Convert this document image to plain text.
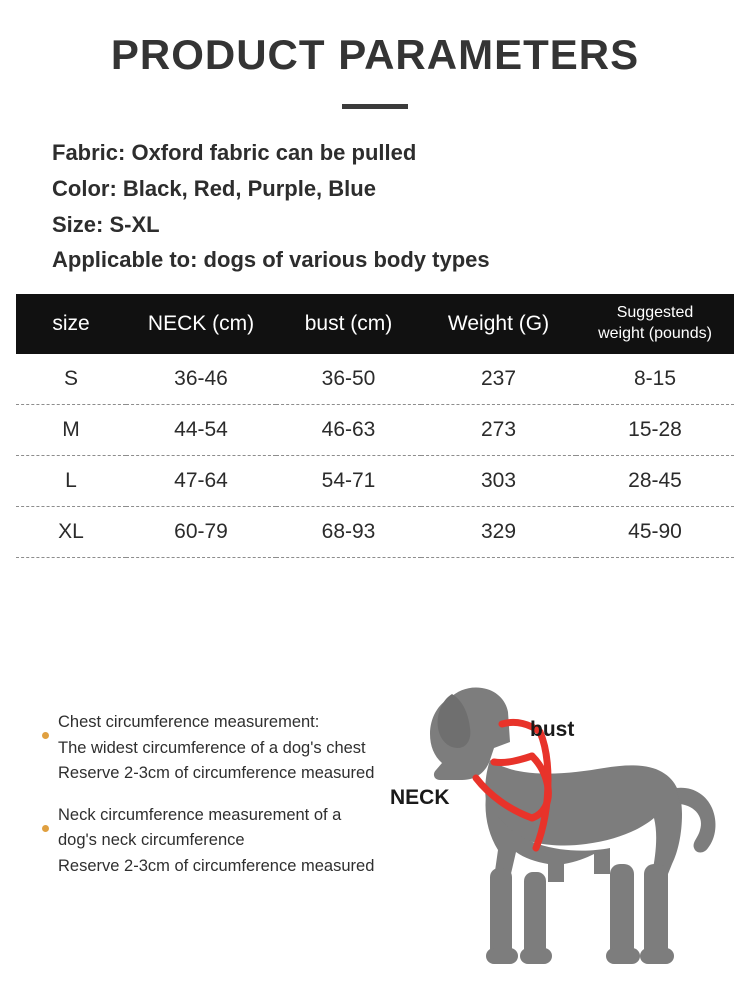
PRODUCT PARAMETERS
Fabric: Oxford fabric can be pulled
Color: Black, Red, Purple, Blue
Size: S-XL
Applicable to: dogs of various body types
size	NECK (cm)	bust (cm)	Weight (G)	Suggested
weight (pounds)
S	36-46	36-50	237	8-15
M	44-54	46-63	273	15-28
L	47-64	54-71	303	28-45
XL	60-79	68-93	329	45-90
Chest circumference measurement:
The widest circumference of a dog's chest
Reserve 2-3cm of circumference measured
Neck circumference measurement of a
dog's neck circumference
Reserve 2-3cm of circumference measured
bust
NECK
